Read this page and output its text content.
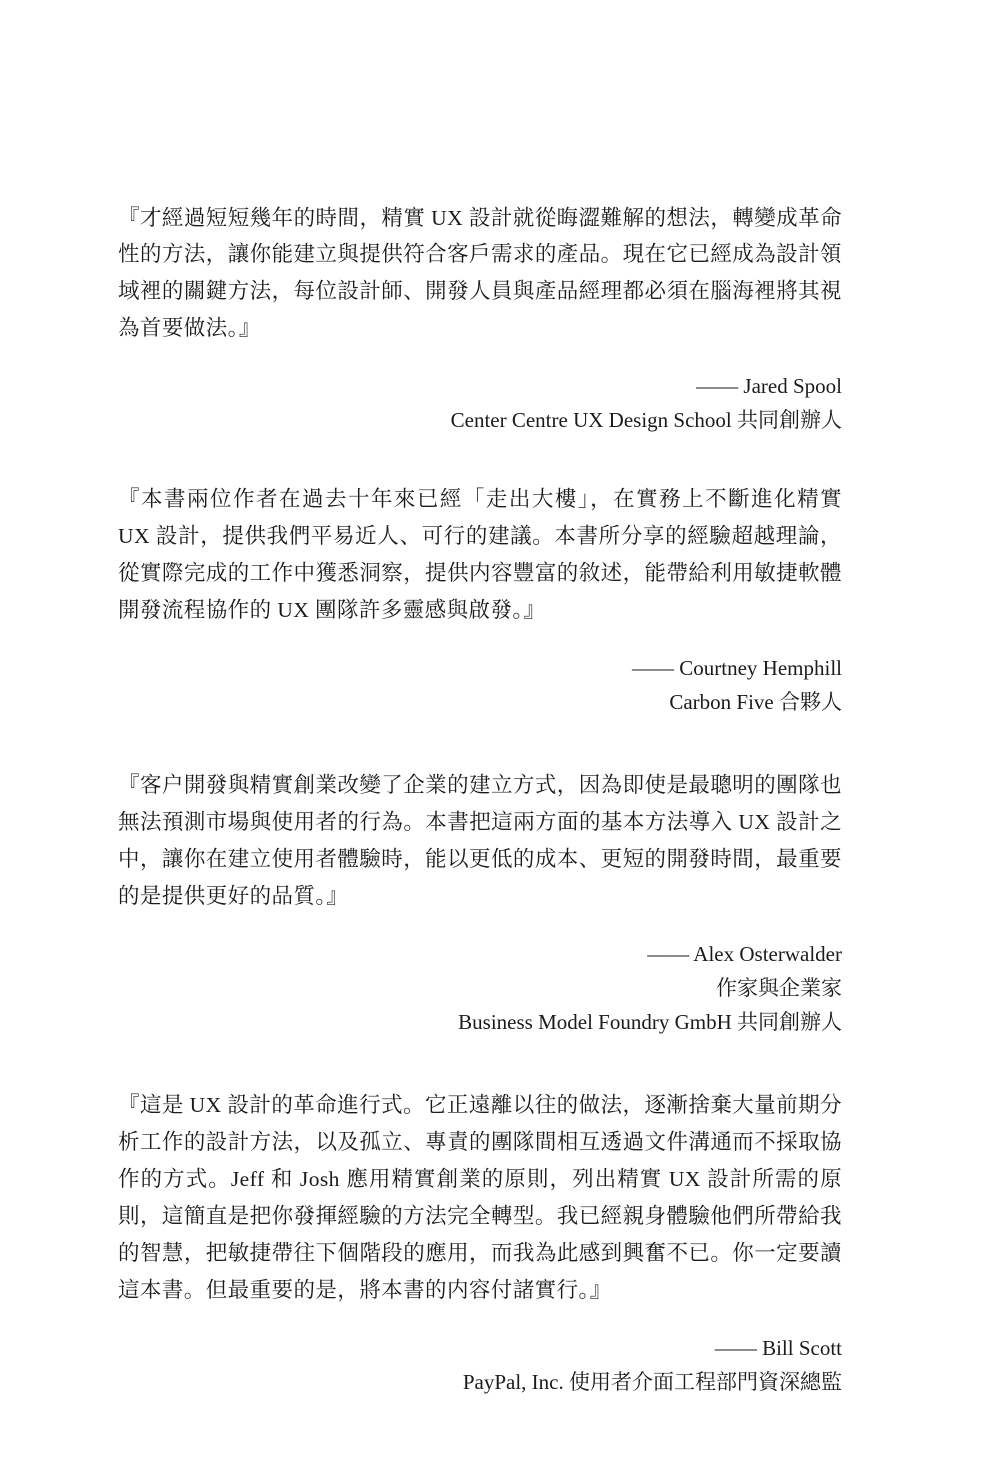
『才經過短短幾年的時間，精實 UX 設計就從晦澀難解的想法，轉變成革命性的方法，讓你能建立與提供符合客戶需求的產品。現在它已經成為設計領域裡的關鍵方法，每位設計師、開發人員與產品經理都必須在腦海裡將其視為首要做法。』

—— Jared Spool
Center Centre UX Design School 共同創辦人

『本書兩位作者在過去十年來已經「走出大樓」，在實務上不斷進化精實 UX 設計，提供我們平易近人、可行的建議。本書所分享的經驗超越理論，從實際完成的工作中獲悉洞察，提供内容豐富的敘述，能帶給利用敏捷軟體開發流程協作的 UX 團隊許多靈感與啟發。』

—— Courtney Hemphill
Carbon Five 合夥人

『客户開發與精實創業改變了企業的建立方式，因為即使是最聰明的團隊也無法預測市場與使用者的行為。本書把這兩方面的基本方法導入 UX 設計之中，讓你在建立使用者體驗時，能以更低的成本、更短的開發時間，最重要的是提供更好的品質。』

—— Alex Osterwalder
作家與企業家
Business Model Foundry GmbH 共同創辦人

『這是 UX 設計的革命進行式。它正遠離以往的做法，逐漸捨棄大量前期分析工作的設計方法，以及孤立、專責的團隊間相互透過文件溝通而不採取協作的方式。Jeff 和 Josh 應用精實創業的原則，列出精實 UX 設計所需的原則，這簡直是把你發揮經驗的方法完全轉型。我已經親身體驗他們所帶給我的智慧，把敏捷帶往下個階段的應用，而我為此感到興奮不已。你一定要讀這本書。但最重要的是，將本書的内容付諸實行。』

—— Bill Scott
PayPal, Inc. 使用者介面工程部門資深總監
